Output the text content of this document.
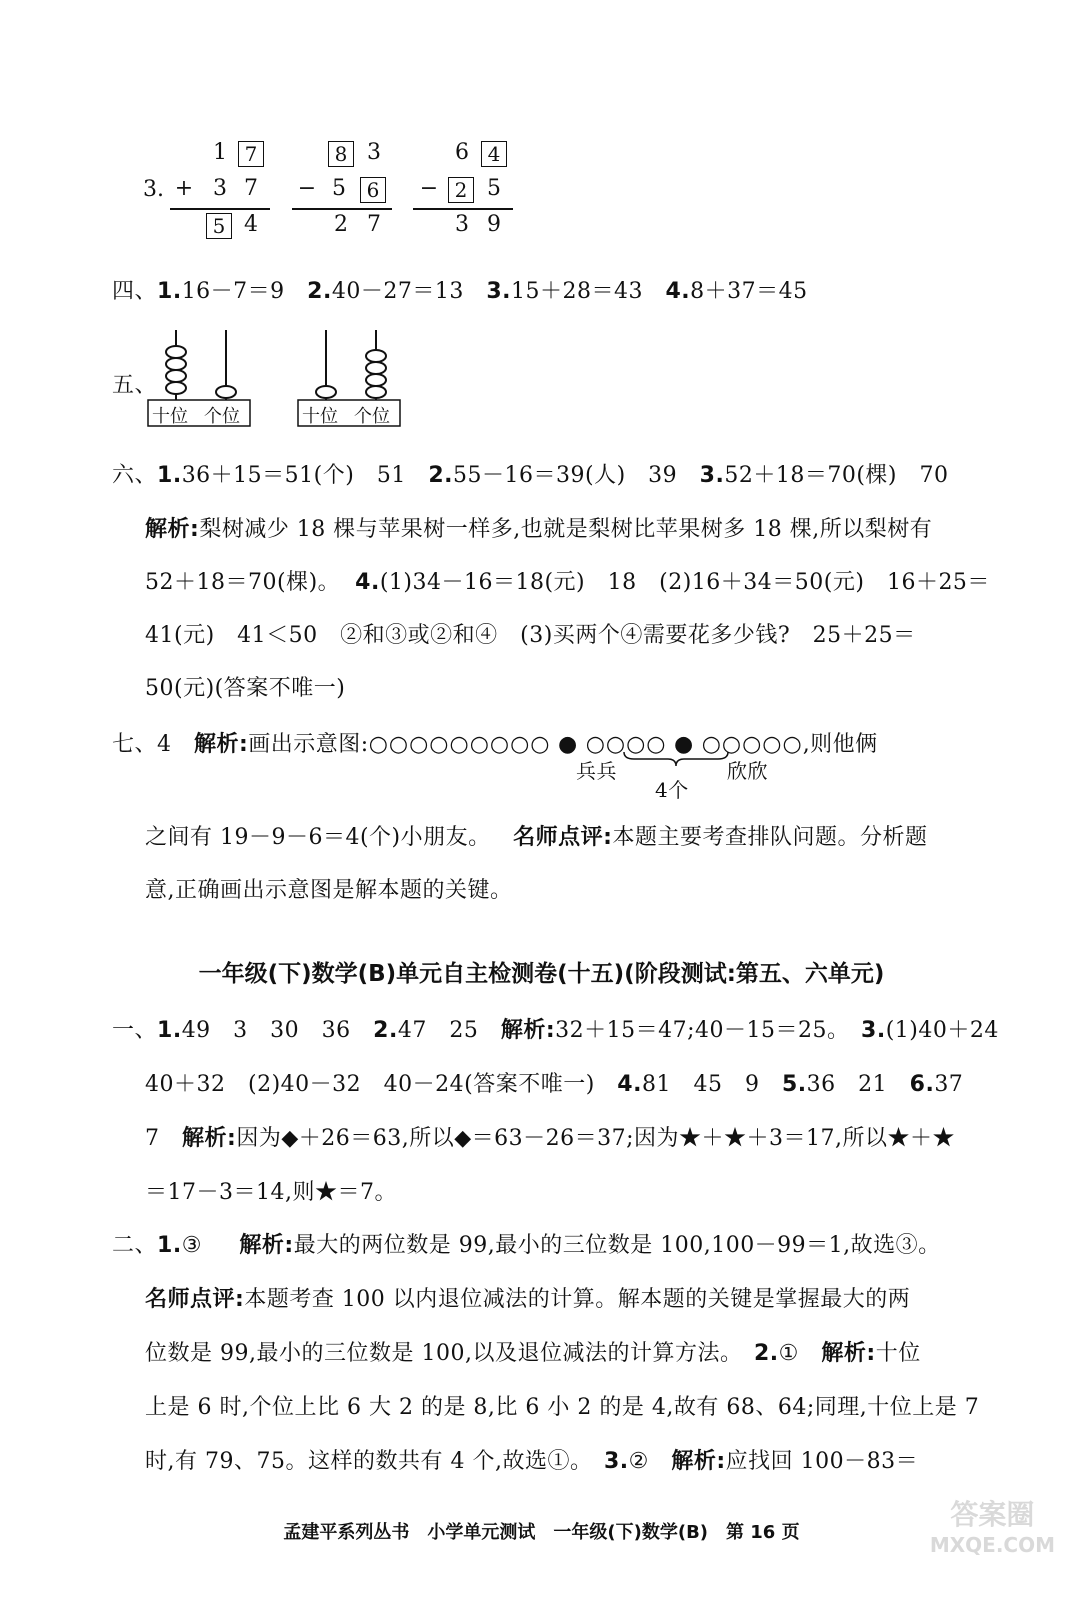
3.
1 7
+ 3 7
5 4
8 3
− 5	6
2 7
6 4
− 2 5
3 9
四、1.16－7＝9 2.40－27＝13 3.15＋28＝43 4.8＋37＝45
五、
十位 个位	十位 个位
六、1.36＋15＝51(个)　51　2.55－16＝39(人)　39　3.52＋18＝70(棵)　70
解析:梨树减少 18 棵与苹果树一样多,也就是梨树比苹果树多 18 棵,所以梨树有
52＋18＝70(棵)。 4.(1)34－16＝18(元)　18　(2)16＋34＝50(元)　16＋25＝
41(元)　41＜50　②和③或②和④　(3)买两个④需要花多少钱?　25＋25＝
50(元)(答案不唯一)
七、4 解析:画出示意图:○○○○○○○○○ ● ○○○○ ● ○○○○○,则他俩
兵兵
4个
欣欣
之间有 19－9－6＝4(个)小朋友。 名师点评:本题主要考查排队问题。分析题
意,正确画出示意图是解本题的关键。
一年级(下)数学(B)单元自主检测卷(十五)(阶段测试:第五、六单元)
一、1.49　3　30　36　2.47　25　解析:32＋15＝47;40－15＝25。　3.(1)40＋24
40＋32　(2)40－32　40－24(答案不唯一)　4.81　45　9　5.36　21　6.37
7　解析:因为◆＋26＝63,所以◆＝63－26＝37;因为★＋★＋3＝17,所以★＋★
＝17－3＝14,则★＝7。
二、1.③　  解析:最大的两位数是 99,最小的三位数是 100,100－99＝1,故选③。
名师点评:本题考查 100 以内退位减法的计算。解本题的关键是掌握最大的两
位数是 99,最小的三位数是 100,以及退位减法的计算方法。　2.①　解析:十位
上是 6 时,个位上比 6 大 2 的是 8,比 6 小 2 的是 4,故有 68、64;同理,十位上是 7
时,有 79、75。这样的数共有 4 个,故选①。　3.②　解析:应找回 100－83＝
孟建平系列丛书　小学单元测试　一年级(下)数学(B)　第 16 页
答案圈
MXQE.COM
